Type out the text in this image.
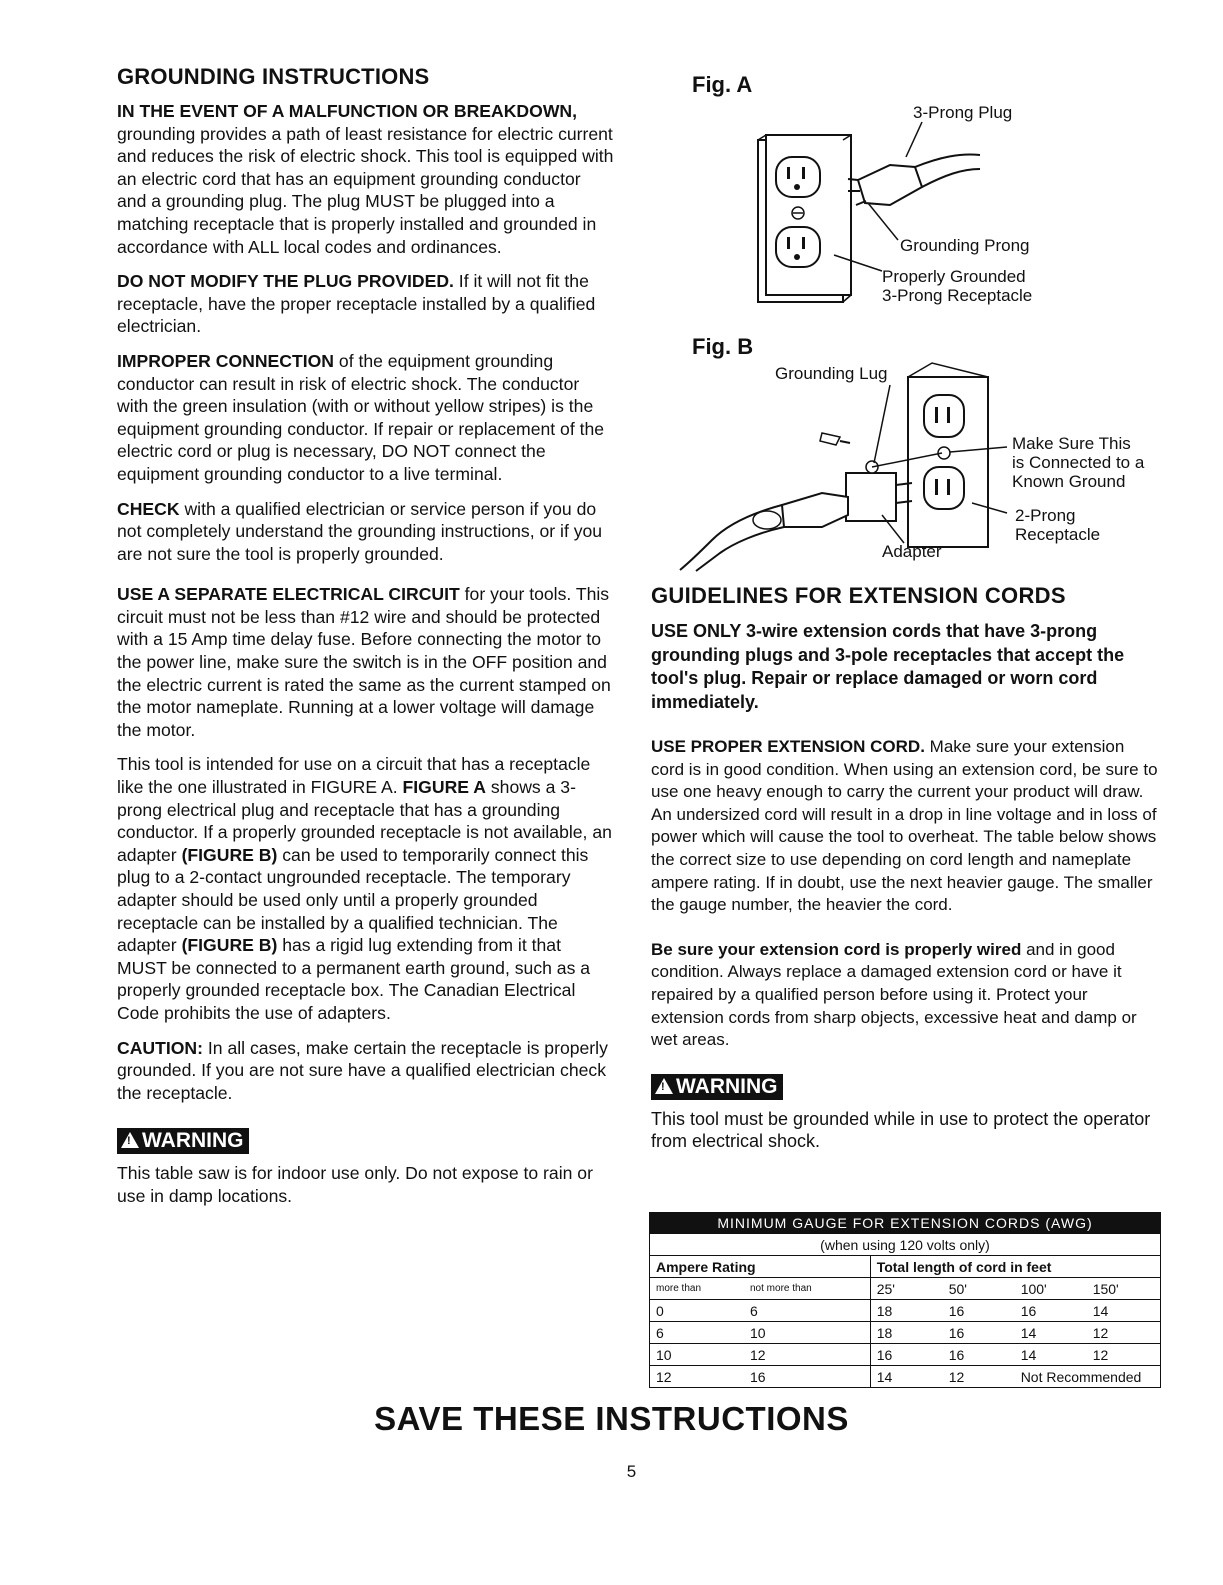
GROUNDING INSTRUCTIONS

IN THE EVENT OF A MALFUNCTION OR BREAKDOWN, grounding provides a path of least resistance for electric current and reduces the risk of electric shock. This tool is equipped with an electric cord that has an equipment grounding conductor and a grounding plug. The plug MUST be plugged into a matching receptacle that is properly installed and grounded in accordance with ALL local codes and ordinances.

DO NOT MODIFY THE PLUG PROVIDED. If it will not fit the receptacle, have the proper receptacle installed by a qualified electrician.

IMPROPER CONNECTION of the equipment grounding conductor can result in risk of electric shock. The conductor with the green insulation (with or without yellow stripes) is the equipment grounding conductor. If repair or replacement of the electric cord or plug is necessary, DO NOT connect the equipment grounding conductor to a live terminal.

CHECK with a qualified electrician or service person if you do not completely understand the grounding instructions, or if you are not sure the tool is properly grounded.

USE A SEPARATE ELECTRICAL CIRCUIT for your tools. This circuit must not be less than #12 wire and should be protected with a 15 Amp time delay fuse. Before connecting the motor to the power line, make sure the switch is in the OFF position and the electric current is rated the same as the current stamped on the motor nameplate. Running at a lower voltage will damage the motor.

This tool is intended for use on a circuit that has a receptacle like the one illustrated in FIGURE A. FIGURE A shows a 3-prong electrical plug and receptacle that has a grounding conductor. If a properly grounded receptacle is not available, an adapter (FIGURE B) can be used to temporarily connect this plug to a 2-contact ungrounded receptacle. The temporary adapter should be used only until a properly grounded receptacle can be installed by a qualified technician. The adapter (FIGURE B) has a rigid lug extending from it that MUST be connected to a permanent earth ground, such as a properly grounded receptacle box. The Canadian Electrical Code prohibits the use of adapters.

CAUTION: In all cases, make certain the receptacle is properly grounded. If you are not sure have a qualified electrician check the receptacle.

!WARNING

This table saw is for indoor use only. Do not expose to rain or use in damp locations.

Fig. A
3-Prong Plug
Grounding Prong
Properly Grounded
3-Prong Receptacle
Fig. B
Grounding Lug
Make Sure This
is Connected to a
Known Ground
2-Prong
Receptacle
Adapter
GUIDELINES FOR EXTENSION CORDS

USE ONLY 3-wire extension cords that have 3-prong grounding plugs and 3-pole receptacles that accept the tool's plug. Repair or replace damaged or worn cord immediately.

USE PROPER EXTENSION CORD. Make sure your extension cord is in good condition. When using an extension cord, be sure to use one heavy enough to carry the current your product will draw. An undersized cord will result in a drop in line voltage and in loss of power which will cause the tool to overheat. The table below shows the correct size to use depending on cord length and nameplate ampere rating. If in doubt, use the next heavier gauge. The smaller the gauge number, the heavier the cord.

Be sure your extension cord is properly wired and in good condition. Always replace a damaged extension cord or have it repaired by a qualified person before using it. Protect your extension cords from sharp objects, excessive heat and damp or wet areas.

!WARNING

This tool must be grounded while in use to protect the operator from electrical shock.

MINIMUM GAUGE FOR EXTENSION CORDS (AWG)					
(when using 120 volts only)					
Ampere Rating		Total length of cord in feet			
more than	not more than	25'	50'	100'	150'
0	6	18	16	16	14
6	10	18	16	14	12
10	12	16	16	14	12
12	16	14	12	Not Recommended	
SAVE THESE INSTRUCTIONS
5
